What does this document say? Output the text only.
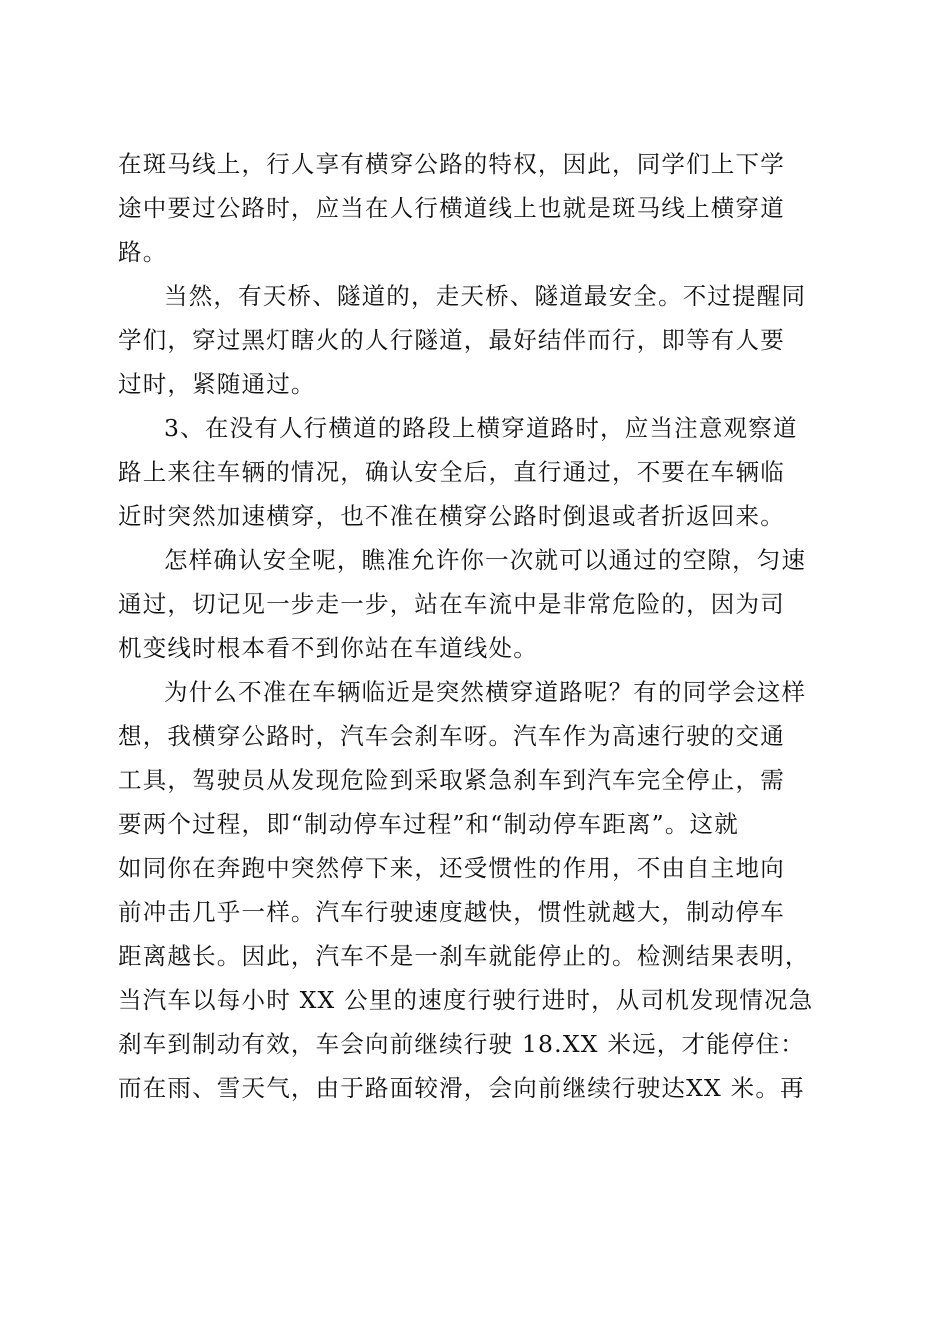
在斑马线上，行人享有横穿公路的特权，因此，同学们上下学
途中要过公路时，应当在人行横道线上也就是斑马线上横穿道
路。
当然，有天桥、隧道的，走天桥、隧道最安全。不过提醒同
学们，穿过黑灯瞎火的人行隧道，最好结伴而行，即等有人要
过时，紧随通过。
3、在没有人行横道的路段上横穿道路时，应当注意观察道
路上来往车辆的情况，确认安全后，直行通过，不要在车辆临
近时突然加速横穿，也不准在横穿公路时倒退或者折返回来。
怎样确认安全呢，瞧准允许你一次就可以通过的空隙，匀速
通过，切记见一步走一步，站在车流中是非常危险的，因为司
机变线时根本看不到你站在车道线处。
为什么不准在车辆临近是突然横穿道路呢？有的同学会这样
想，我横穿公路时，汽车会刹车呀。汽车作为高速行驶的交通
工具，驾驶员从发现危险到采取紧急刹车到汽车完全停止，需
要两个过程，即“制动停车过程”和“制动停车距离”。这就
如同你在奔跑中突然停下来，还受惯性的作用，不由自主地向
前冲击几乎一样。汽车行驶速度越快，惯性就越大，制动停车
距离越长。因此，汽车不是一刹车就能停止的。检测结果表明，
当汽车以每小时 XX 公里的速度行驶行进时，从司机发现情况急
刹车到制动有效，车会向前继续行驶 18.XX 米远，才能停住：
而在雨、雪天气，由于路面较滑，会向前继续行驶达XX 米。再
